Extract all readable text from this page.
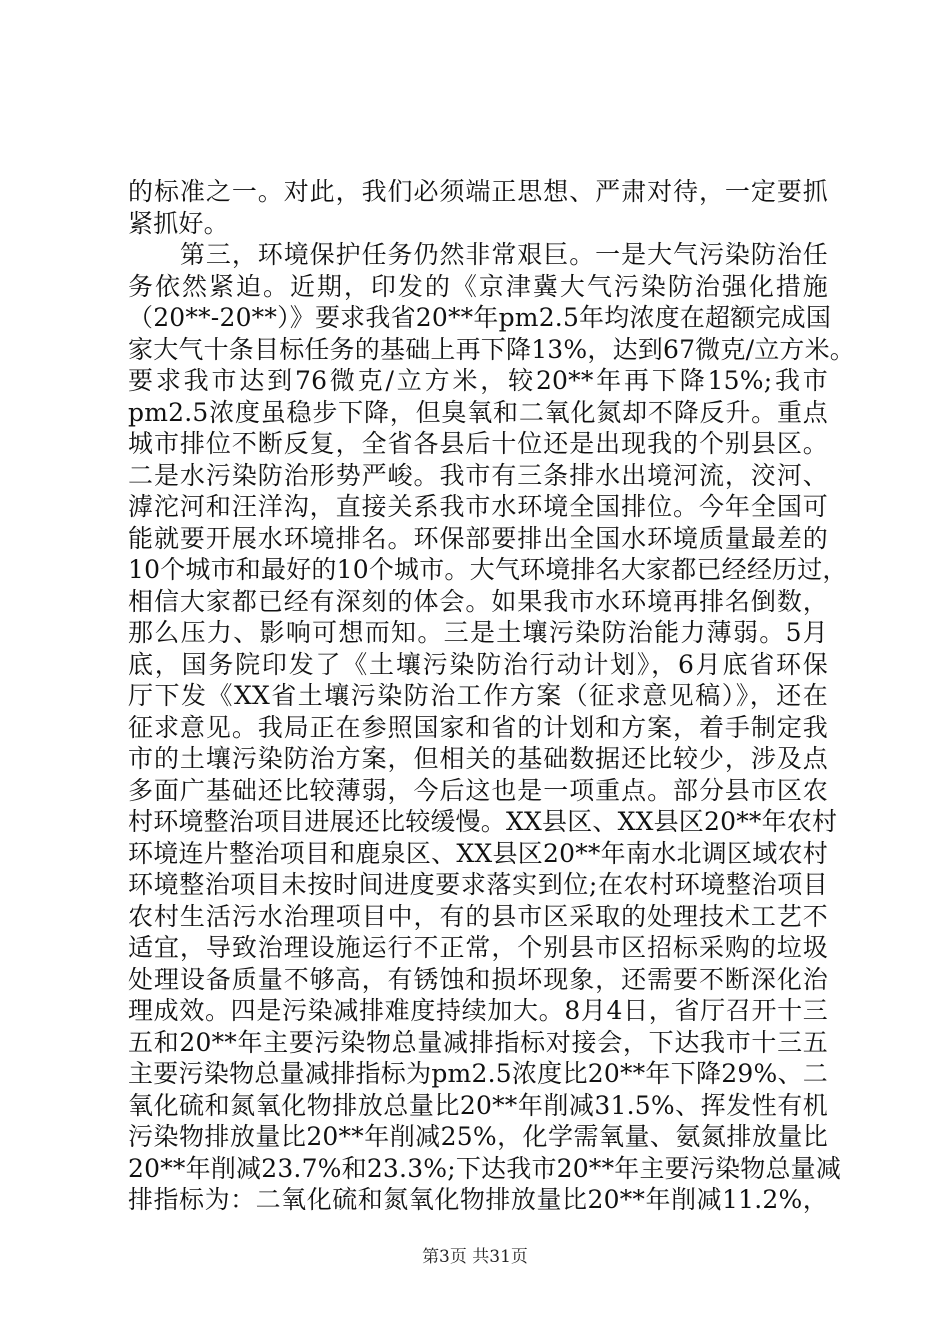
的标准之一。对此，我们必须端正思想、严肃对待，一定要抓
紧抓好。
　　第三，环境保护任务仍然非常艰巨。一是大气污染防治任
务依然紧迫。近期，印发的《京津冀大气污染防治强化措施
（20**-20**）》要求我省20**年pm2.5年均浓度在超额完成国
家大气十条目标任务的基础上再下降13%，达到67微克/立方米。
要求我市达到76微克/立方米，较20**年再下降15%;我市
pm2.5浓度虽稳步下降，但臭氧和二氧化氮却不降反升。重点
城市排位不断反复，全省各县后十位还是出现我的个别县区。
二是水污染防治形势严峻。我市有三条排水出境河流，洨河、
滹沱河和汪洋沟，直接关系我市水环境全国排位。今年全国可
能就要开展水环境排名。环保部要排出全国水环境质量最差的
10个城市和最好的10个城市。大气环境排名大家都已经经历过，
相信大家都已经有深刻的体会。如果我市水环境再排名倒数，
那么压力、影响可想而知。三是土壤污染防治能力薄弱。5月
底，国务院印发了《土壤污染防治行动计划》，6月底省环保
厅下发《XX省土壤污染防治工作方案（征求意见稿）》，还在
征求意见。我局正在参照国家和省的计划和方案，着手制定我
市的土壤污染防治方案，但相关的基础数据还比较少，涉及点
多面广基础还比较薄弱，今后这也是一项重点。部分县市区农
村环境整治项目进展还比较缓慢。XX县区、XX县区20**年农村
环境连片整治项目和鹿泉区、XX县区20**年南水北调区域农村
环境整治项目未按时间进度要求落实到位;在农村环境整治项目
农村生活污水治理项目中，有的县市区采取的处理技术工艺不
适宜，导致治理设施运行不正常，个别县市区招标采购的垃圾
处理设备质量不够高，有锈蚀和损坏现象，还需要不断深化治
理成效。四是污染减排难度持续加大。8月4日，省厅召开十三
五和20**年主要污染物总量减排指标对接会，下达我市十三五
主要污染物总量减排指标为pm2.5浓度比20**年下降29%、二
氧化硫和氮氧化物排放总量比20**年削减31.5%、挥发性有机
污染物排放量比20**年削减25%，化学需氧量、氨氮排放量比
20**年削减23.7%和23.3%;下达我市20**年主要污染物总量减
排指标为：二氧化硫和氮氧化物排放量比20**年削减11.2%，
第3页 共31页
